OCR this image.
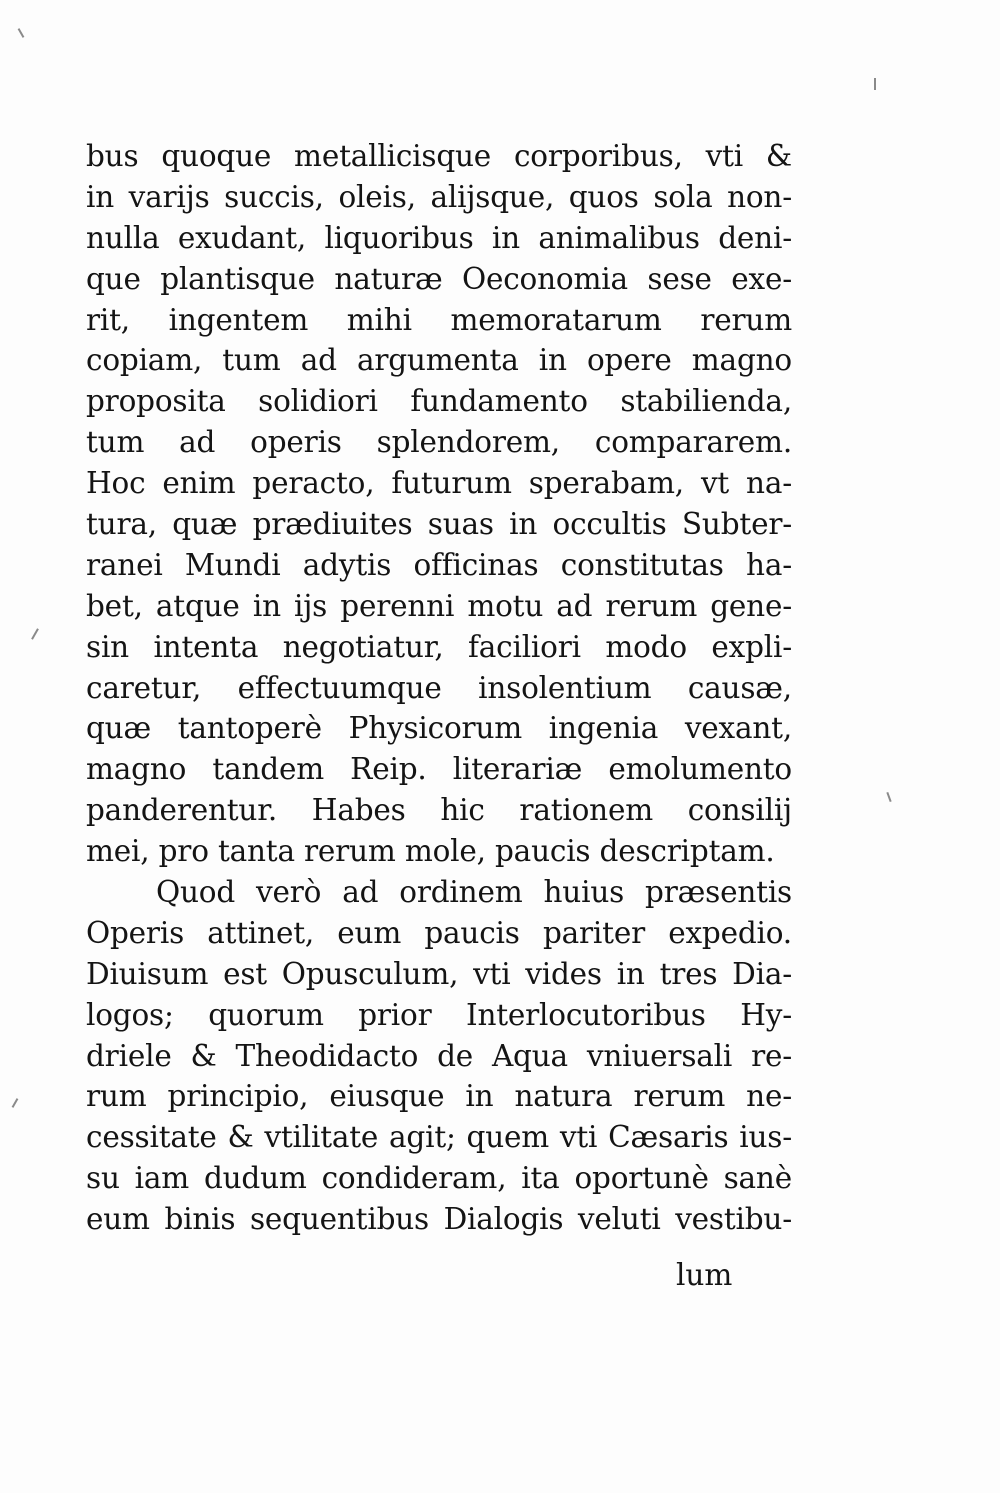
bus quoque metallicisque corporibus, vti &
in varijs succis, oleis, alijsque, quos sola non-
nulla exudant, liquoribus in animalibus deni-
que plantisque naturæ Oeconomia sese exe-
rit, ingentem mihi memoratarum rerum
copiam, tum ad argumenta in opere magno
proposita solidiori fundamento stabilienda,
tum ad operis splendorem, compararem.
Hoc enim peracto, futurum sperabam, vt na-
tura, quæ prædiuites suas in occultis Subter-
ranei Mundi adytis officinas constitutas ha-
bet, atque in ijs perenni motu ad rerum gene-
sin intenta negotiatur, faciliori modo expli-
caretur, effectuumque insolentium causæ,
quæ tantoperè Physicorum ingenia vexant,
magno tandem Reip. literariæ emolumento
panderentur. Habes hic rationem consilij
mei, pro tanta rerum mole, paucis descriptam.
Quod verò ad ordinem huius præsentis
Operis attinet, eum paucis pariter expedio.
Diuisum est Opusculum, vti vides in tres Dia-
logos; quorum prior Interlocutoribus Hy-
driele & Theodidacto de Aqua vniuersali re-
rum principio, eiusque in natura rerum ne-
cessitate & vtilitate agit; quem vti Cæsaris ius-
su iam dudum condideram, ita oportunè sanè
eum binis sequentibus Dialogis veluti vestibu-
lum
